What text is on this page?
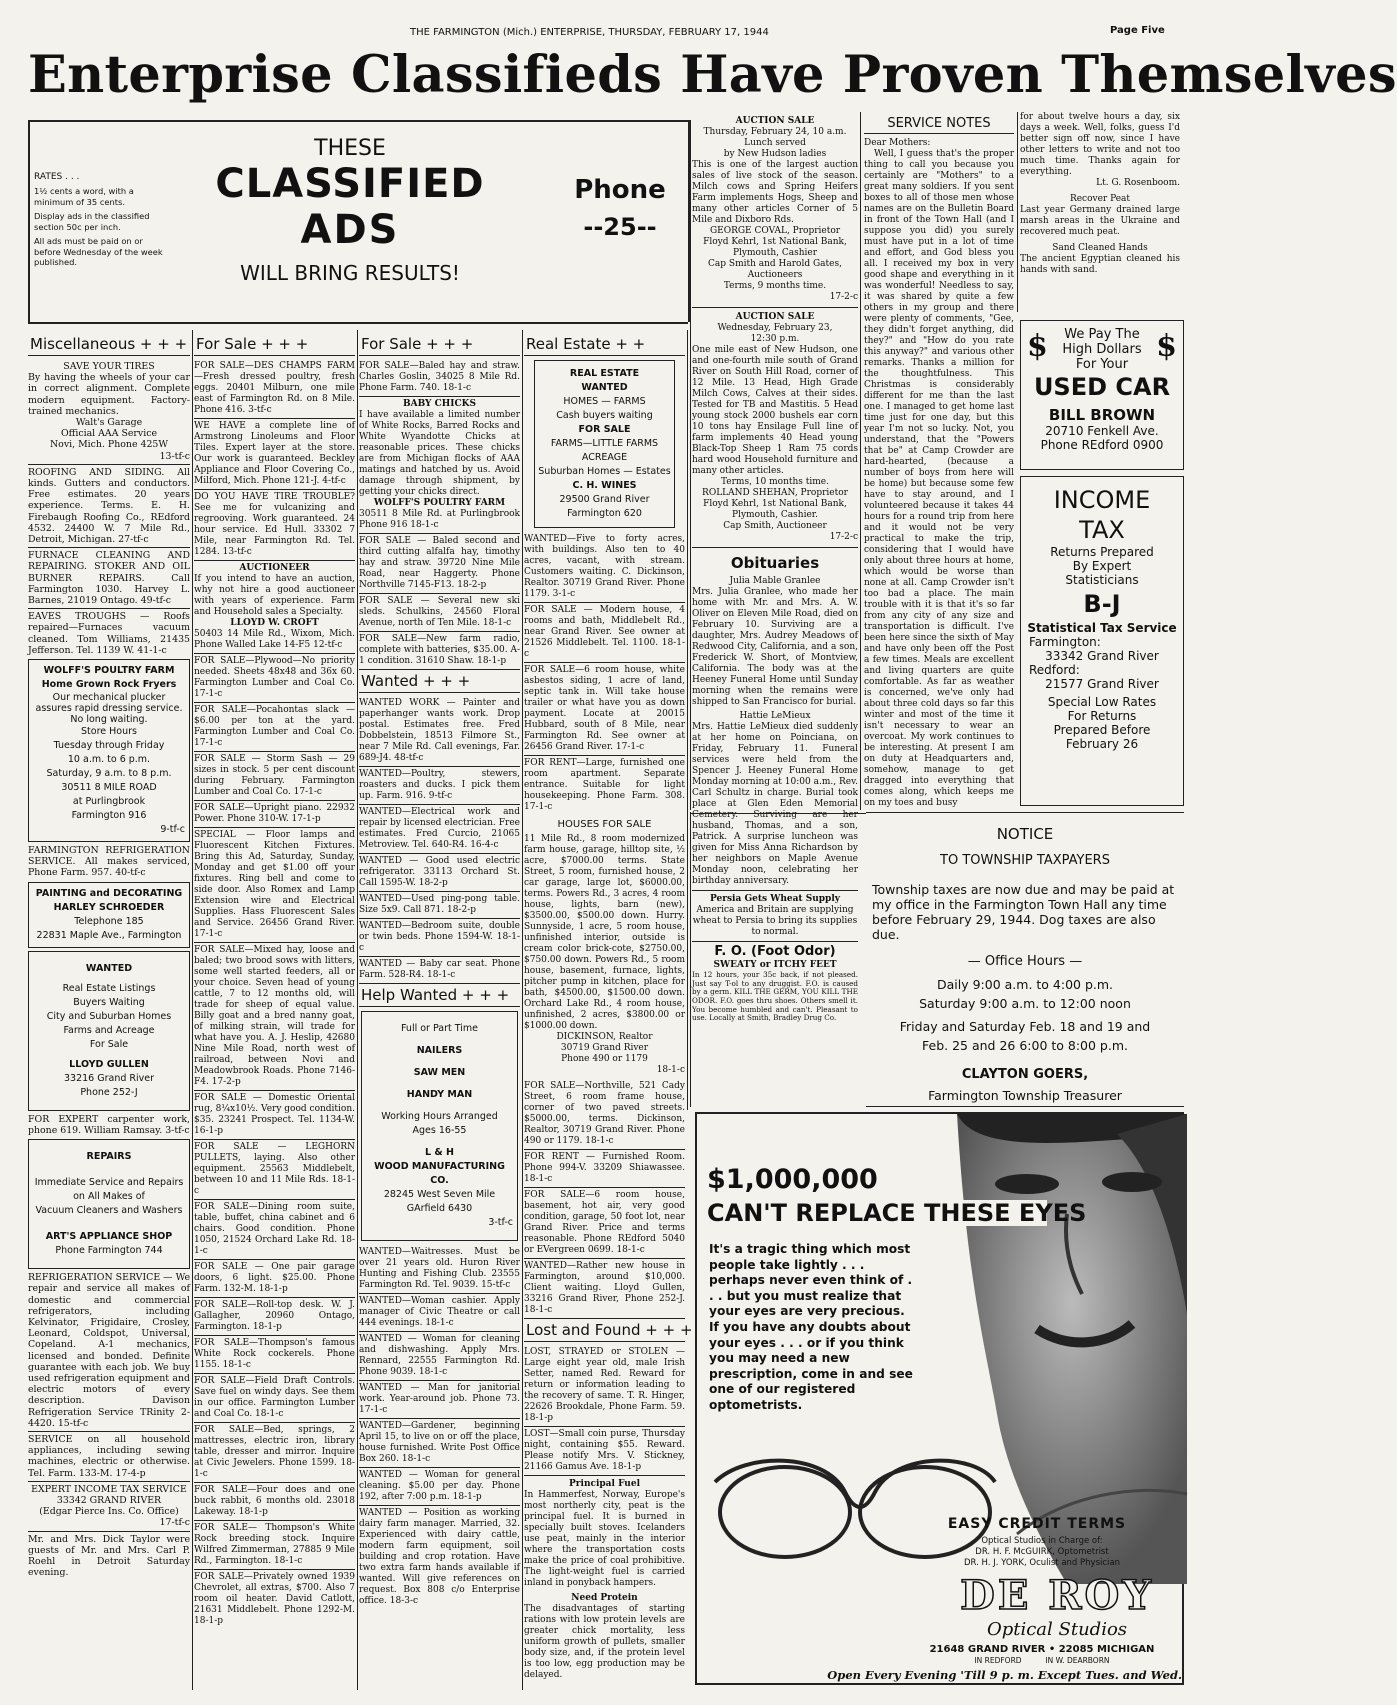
THE FARMINGTON (Mich.) ENTERPRISE, THURSDAY, FEBRUARY 17, 1944	Page Five
Enterprise Classifieds Have Proven Themselves
RATES . . .
1½ cents a word, with a minimum of 35 cents.
Display ads in the classified section 50c per inch.
All ads must be paid on or before Wednesday of the week published.
THESE
CLASSIFIED
ADS
WILL BRING RESULTS!
Phone
--25--
Miscellaneous + + +
SAVE YOUR TIRES
By having the wheels of your car in correct alignment. Complete modern equipment. Factory-trained mechanics.
Walt's Garage
Official AAA Service
Novi, Mich. Phone 425W
13-tf-c
ROOFING AND SIDING. All kinds. Gutters and conductors. Free estimates. 20 years experience. Terms. E. H. Firebaugh Roofing Co., REdford 4532. 24400 W. 7 Mile Rd., Detroit, Michigan. 27-tf-c
FURNACE CLEANING AND REPAIRING. STOKER AND OIL BURNER REPAIRS. Call Farmington 1030. Harvey L. Barnes, 21019 Ontago. 49-tf-c
EAVES TROUGHS — Roofs repaired—Furnaces vacuum cleaned. Tom Williams, 21435 Jefferson. Tel. 1139 W. 41-1-c
WOLFF'S POULTRY FARM
Home Grown Rock Fryers
Our mechanical plucker assures rapid dressing service. No long waiting.
Store Hours
Tuesday through Friday
10 a.m. to 6 p.m.
Saturday, 9 a.m. to 8 p.m.
30511 8 MILE ROAD
at Purlingbrook
Farmington 916
9-tf-c
FARMINGTON REFRIGERATION SERVICE. All makes serviced, Phone Farm. 957. 40-tf-c
PAINTING and DECORATING
HARLEY SCHROEDER
Telephone 185
22831 Maple Ave., Farmington
WANTED
Real Estate Listings
Buyers Waiting
City and Suburban Homes
Farms and Acreage
For Sale
LLOYD GULLEN
33216 Grand River
Phone 252-J
FOR EXPERT carpenter work, phone 619. William Ramsay. 3-tf-c
REPAIRS
Immediate Service and Repairs on All Makes of
Vacuum Cleaners and Washers
ART'S APPLIANCE SHOP
Phone Farmington 744
REFRIGERATION SERVICE — We repair and service all makes of domestic and commercial refrigerators, including Kelvinator, Frigidaire, Crosley, Leonard, Coldspot, Universal, Copeland. A-1 mechanics, licensed and bonded. Definite guarantee with each job. We buy used refrigeration equipment and electric motors of every description. Davison Refrigeration Service TRinity 2-4420. 15-tf-c
SERVICE on all household appliances, including sewing machines, electric or otherwise. Tel. Farm. 133-M. 17-4-p
EXPERT INCOME TAX SERVICE
33342 GRAND RIVER
(Edgar Pierce Ins. Co. Office)
17-tf-c
Mr. and Mrs. Dick Taylor were guests of Mr. and Mrs. Carl P. Roehl in Detroit Saturday evening.
For Sale + + +
FOR SALE—DES CHAMPS FARM —Fresh dressed poultry, fresh eggs. 20401 Milburn, one mile east of Farmington Rd. on 8 Mile. Phone 416. 3-tf-c
WE HAVE a complete line of Armstrong Linoleums and Floor Tiles. Expert layer at the store. Our work is guaranteed. Beckley Appliance and Floor Covering Co., Milford, Mich. Phone 121-J. 4-tf-c
DO YOU HAVE TIRE TROUBLE? See me for vulcanizing and regrooving. Work guaranteed. 24 hour service. Ed Hull. 33302 7 Mile, near Farmington Rd. Tel. 1284. 13-tf-c
AUCTIONEER
If you intend to have an auction, why not hire a good auctioneer with years of experience. Farm and Household sales a Specialty.
LLOYD W. CROFT
50403 14 Mile Rd., Wixom, Mich. Phone Walled Lake 14-F5 12-tf-c
FOR SALE—Plywood—No priority needed. Sheets 48x48 and 36x 60. Farmington Lumber and Coal Co. 17-1-c
FOR SALE—Pocahontas slack — $6.00 per ton at the yard. Farmington Lumber and Coal Co. 17-1-c
FOR SALE — Storm Sash — 29 sizes in stock. 5 per cent discount during February. Farmington Lumber and Coal Co. 17-1-c
FOR SALE—Upright piano. 22932 Power. Phone 310-W. 17-1-p
SPECIAL — Floor lamps and Fluorescent Kitchen Fixtures. Bring this Ad, Saturday, Sunday, Monday and get $1.00 off your fixtures. Ring bell and come to side door. Also Romex and Lamp Extension wire and Electrical Supplies. Hass Fluorescent Sales and Service. 26456 Grand River. 17-1-c
FOR SALE—Mixed hay, loose and baled; two brood sows with litters, some well started feeders, all or your choice. Seven head of young cattle, 7 to 12 months old, will trade for sheep of equal value. Billy goat and a bred nanny goat, of milking strain, will trade for what have you. A. J. Heslip, 42680 Nine Mile Road, north west of railroad, between Novi and Meadowbrook Roads. Phone 7146-F4. 17-2-p
FOR SALE — Domestic Oriental rug, 8¼x10½. Very good condition. $35. 23241 Prospect. Tel. 1134-W. 16-1-p
FOR SALE — LEGHORN PULLETS, laying. Also other equipment. 25563 Middlebelt, between 10 and 11 Mile Rds. 18-1-c
FOR SALE—Dining room suite, table, buffet, china cabinet and 6 chairs. Good condition. Phone 1050, 21524 Orchard Lake Rd. 18-1-c
FOR SALE — One pair garage doors, 6 light. $25.00. Phone Farm. 132-M. 18-1-p
FOR SALE—Roll-top desk. W. J. Gallagher, 20960 Ontago, Farmington. 18-1-p
FOR SALE—Thompson's famous White Rock cockerels. Phone 1155. 18-1-c
FOR SALE—Field Draft Controls. Save fuel on windy days. See them in our office. Farmington Lumber and Coal Co. 18-1-c
FOR SALE—Bed, springs, 2 mattresses, electric iron, library table, dresser and mirror. Inquire at Civic Jewelers. Phone 1599. 18-1-c
FOR SALE—Four does and one buck rabbit, 6 months old. 23018 Lakeway. 18-1-p
FOR SALE— Thompson's White Rock breeding stock. Inquire Wilfred Zimmerman, 27885 9 Mile Rd., Farmington. 18-1-c
FOR SALE—Privately owned 1939 Chevrolet, all extras, $700. Also 7 room oil heater. David Catlott, 21631 Middlebelt. Phone 1292-M. 18-1-p
For Sale + + +
FOR SALE—Baled hay and straw. Charles Goslin, 34025 8 Mile Rd. Phone Farm. 740. 18-1-c
BABY CHICKS
I have available a limited number of White Rocks, Barred Rocks and White Wyandotte Chicks at reasonable prices. These chicks are from Michigan flocks of AAA matings and hatched by us. Avoid damage through shipment, by getting your chicks direct.
WOLFF'S POULTRY FARM
30511 8 Mile Rd. at Purlingbrook Phone 916 18-1-c
FOR SALE — Baled second and third cutting alfalfa hay, timothy hay and straw. 39720 Nine Mile Road, near Haggerty. Phone Northville 7145-F13. 18-2-p
FOR SALE — Several new ski sleds. Schulkins, 24560 Floral Avenue, north of Ten Mile. 18-1-c
FOR SALE—New farm radio, complete with batteries, $35.00. A-1 condition. 31610 Shaw. 18-1-p
Wanted + + +
WANTED WORK — Painter and paperhanger wants work. Drop postal. Estimates free. Fred Dobbelstein, 18513 Filmore St., near 7 Mile Rd. Call evenings, Far. 689-J4. 48-tf-c
WANTED—Poultry, stewers, roasters and ducks. I pick them up. Farm. 916. 9-tf-c
WANTED—Electrical work and repair by licensed electrician. Free estimates. Fred Curcio, 21065 Metroview. Tel. 640-R4. 16-4-c
WANTED — Good used electric refrigerator. 33113 Orchard St. Call 1595-W. 18-2-p
WANTED—Used ping-pong table. Size 5x9. Call 871. 18-2-p
WANTED—Bedroom suite, double or twin beds. Phone 1594-W. 18-1-c
WANTED — Baby car seat. Phone Farm. 528-R4. 18-1-c
Help Wanted + + +
Full or Part Time
NAILERS
SAW MEN
HANDY MAN
Working Hours Arranged
Ages 16-55
L & H
WOOD MANUFACTURING CO.
28245 West Seven Mile
GArfield 6430
3-tf-c
WANTED—Waitresses. Must be over 21 years old. Huron River Hunting and Fishing Club. 23555 Farmington Rd. Tel. 9039. 15-tf-c
WANTED—Woman cashier. Apply manager of Civic Theatre or call 444 evenings. 18-1-c
WANTED — Woman for cleaning and dishwashing. Apply Mrs. Rennard, 22555 Farmington Rd. Phone 9039. 18-1-c
WANTED — Man for janitorial work. Year-around job. Phone 73. 17-1-c
WANTED—Gardener, beginning April 15, to live on or off the place, house furnished. Write Post Office Box 260. 18-1-c
WANTED — Woman for general cleaning. $5.00 per day. Phone 192, after 7:00 p.m. 18-1-p
WANTED — Position as working dairy farm manager. Married, 32. Experienced with dairy cattle, modern farm equipment, soil building and crop rotation. Have two extra farm hands available if wanted. Will give references on request. Box 808 c/o Enterprise office. 18-3-c
Real Estate + +
REAL ESTATE
WANTED
HOMES — FARMS
Cash buyers waiting
FOR SALE
FARMS—LITTLE FARMS
ACREAGE
Suburban Homes — Estates
C. H. WINES
29500 Grand River
Farmington 620
WANTED—Five to forty acres, with buildings. Also ten to 40 acres, vacant, with stream. Customers waiting. C. Dickinson, Realtor. 30719 Grand River. Phone 1179. 3-1-c
FOR SALE — Modern house, 4 rooms and bath, Middlebelt Rd., near Grand River. See owner at 21526 Middlebelt. Tel. 1100. 18-1-c
FOR SALE—6 room house, white asbestos siding, 1 acre of land, septic tank in. Will take house trailer or what have you as down payment. Locate at 20015 Hubbard, south of 8 Mile, near Farmington Rd. See owner at 26456 Grand River. 17-1-c
FOR RENT—Large, furnished one room apartment. Separate entrance. Suitable for light housekeeping. Phone Farm. 308. 17-1-c
HOUSES FOR SALE
11 Mile Rd., 8 room modernized farm house, garage, hilltop site, ½ acre, $7000.00 terms. State Street, 5 room, furnished house, 2 car garage, large lot, $6000.00, terms. Powers Rd., 3 acres, 4 room house, lights, barn (new), $3500.00, $500.00 down. Hurry. Sunnyside, 1 acre, 5 room house, unfinished interior, outside is cream color brick-cote, $2750.00, $750.00 down. Powers Rd., 5 room house, basement, furnace, lights, pitcher pump in kitchen, place for bath, $4500.00, $1500.00 down. Orchard Lake Rd., 4 room house, unfinished, 2 acres, $3800.00 or $1000.00 down.
DICKINSON, Realtor
30719 Grand River
Phone 490 or 1179
18-1-c
FOR SALE—Northville, 521 Cady Street, 6 room frame house, corner of two paved streets. $5000.00, terms. Dickinson, Realtor, 30719 Grand River. Phone 490 or 1179. 18-1-c
FOR RENT — Furnished Room. Phone 994-V. 33209 Shiawassee. 18-1-c
FOR SALE—6 room house, basement, hot air, very good condition, garage, 50 foot lot, near Grand River. Price and terms reasonable. Phone REdford 5040 or EVergreen 0699. 18-1-c
WANTED—Rather new house in Farmington, around $10,000. Client waiting. Lloyd Gullen, 33216 Grand River, Phone 252-J. 18-1-c
Lost and Found + + +
LOST, STRAYED or STOLEN — Large eight year old, male Irish Setter, named Red. Reward for return or information leading to the recovery of same. T. R. Hinger, 22626 Brookdale, Phone Farm. 59. 18-1-p
LOST—Small coin purse, Thursday night, containing $55. Reward. Please notify Mrs. V. Stickney, 21166 Gamus Ave. 18-1-p
Principal Fuel
In Hammerfest, Norway, Europe's most northerly city, peat is the principal fuel. It is burned in specially built stoves. Icelanders use peat, mainly in the interior where the transportation costs make the price of coal prohibitive. The light-weight fuel is carried inland in ponyback hampers.
Need Protein
The disadvantages of starting rations with low protein levels are greater chick mortality, less uniform growth of pullets, smaller body size, and, if the protein level is too low, egg production may be delayed.
AUCTION SALE
Thursday, February 24, 10 a.m.
Lunch served
by New Hudson ladies
This is one of the largest auction sales of live stock of the season. Milch cows and Spring Heifers Farm implements Hogs, Sheep and many other articles Corner of 5 Mile and Dixboro Rds.
GEORGE COVAL, Proprietor
Floyd Kehrl, 1st National Bank, Plymouth, Cashier
Cap Smith and Harold Gates, Auctioneers
Terms, 9 months time.
17-2-c
AUCTION SALE
Wednesday, February 23,
12:30 p.m.
One mile east of New Hudson, one and one-fourth mile south of Grand River on South Hill Road, corner of 12 Mile. 13 Head, High Grade Milch Cows, Calves at their sides. Tested for TB and Mastitis. 5 Head young stock 2000 bushels ear corn 10 tons hay Ensilage Full line of farm implements 40 Head young Black-Top Sheep 1 Ram 75 cords hard wood Household furniture and many other articles.
Terms, 10 months time.
ROLLAND SHEHAN, Proprietor
Floyd Kehrl, 1st National Bank, Plymouth, Cashier.
Cap Smith, Auctioneer
17-2-c
Obituaries
Julia Mable Granlee
Mrs. Julia Granlee, who made her home with Mr. and Mrs. A. W. Oliver on Eleven Mile Road, died on February 10. Surviving are a daughter, Mrs. Audrey Meadows of Redwood City, California, and a son, Frederick W. Short, of Montview, California. The body was at the Heeney Funeral Home until Sunday morning when the remains were shipped to San Francisco for burial.
Hattie LeMieux
Mrs. Hattie LeMieux died suddenly at her home on Poinciana, on Friday, February 11. Funeral services were held from the Spencer J. Heeney Funeral Home Monday morning at 10:00 a.m., Rev. Carl Schultz in charge. Burial took place at Glen Eden Memorial Cemetery. Surviving are her husband, Thomas, and a son, Patrick. A surprise luncheon was given for Miss Anna Richardson by her neighbors on Maple Avenue Monday noon, celebrating her birthday anniversary.
Persia Gets Wheat Supply
America and Britain are supplying wheat to Persia to bring its supplies to normal.
F. O. (Foot Odor)
SWEATY or ITCHY FEET
In 12 hours, your 35c back, if not pleased. Just say T-ol to any druggist. F.O. is caused by a germ. KILL THE GERM, YOU KILL THE ODOR. F.O. goes thru shoes. Others smell it. You become humbled and can't. Pleasant to use. Locally at Smith, Bradley Drug Co.
SERVICE NOTES
Dear Mothers:
Well, I guess that's the proper thing to call you because you certainly are "Mothers" to a great many soldiers. If you sent boxes to all of those men whose names are on the Bulletin Board in front of the Town Hall (and I suppose you did) you surely must have put in a lot of time and effort, and God bless you all. I received my box in very good shape and everything in it was wonderful! Needless to say, it was shared by quite a few others in my group and there were plenty of comments, "Gee, they didn't forget anything, did they?" and "How do you rate this anyway?" and various other remarks. Thanks a million for the thoughtfulness. This Christmas is considerably different for me than the last one. I managed to get home last time just for one day, but this year I'm not so lucky. Not, you understand, that the "Powers that be" at Camp Crowder are hard-hearted, (because a number of boys from here will be home) but because some few have to stay around, and I volunteered because it takes 44 hours for a round trip from here and it would not be very practical to make the trip, considering that I would have only about three hours at home, which would be worse than none at all. Camp Crowder isn't too bad a place. The main trouble with it is that it's so far from any city of any size and transportation is difficult. I've been here since the sixth of May and have only been off the Post a few times. Meals are excellent and living quarters are quite comfortable. As far as weather is concerned, we've only had about three cold days so far this winter and most of the time it isn't necessary to wear an overcoat. My work continues to be interesting. At present I am on duty at Headquarters and, somehow, manage to get dragged into everything that comes along, which keeps me on my toes and busy
for about twelve hours a day, six days a week. Well, folks, guess I'd better sign off now, since I have other letters to write and not too much time. Thanks again for everything.
Lt. G. Rosenboom.
Recover Peat
Last year Germany drained large marsh areas in the Ukraine and recovered much peat.
Sand Cleaned Hands
The ancient Egyptian cleaned his hands with sand.
$	$
We Pay The
High Dollars
For Your
USED CAR
BILL BROWN
20710 Fenkell Ave.
Phone REdford 0900
INCOME
TAX
Returns Prepared
By Expert
Statisticians
B-J
Statistical Tax Service
Farmington:
33342 Grand River
Redford:
21577 Grand River
Special Low Rates
For Returns
Prepared Before
February 26
NOTICE
TO TOWNSHIP TAXPAYERS
Township taxes are now due and may be paid at my office in the Farmington Town Hall any time before February 29, 1944. Dog taxes are also due.
— Office Hours —
Daily 9:00 a.m. to 4:00 p.m.
Saturday 9:00 a.m. to 12:00 noon
Friday and Saturday Feb. 18 and 19 and
Feb. 25 and 26 6:00 to 8:00 p.m.
CLAYTON GOERS,
Farmington Township Treasurer
$1,000,000
CAN'T REPLACE THESE EYES
It's a tragic thing which most people take lightly . . . perhaps never even think of . . . but you must realize that your eyes are very precious. If you have any doubts about your eyes . . . or if you think you may need a new prescription, come in and see one of our registered optometrists.
EASY CREDIT TERMS
Optical Studios in Charge of:
DR. H. F. McGUIRK, Optometrist
DR. H. J. YORK, Oculist and Physician
DE ROY
Optical Studios
21648 GRAND RIVER • 22085 MICHIGAN
IN REDFORD          IN W. DEARBORN
Open Every Evening 'Till 9 p. m. Except Tues. and Wed.
